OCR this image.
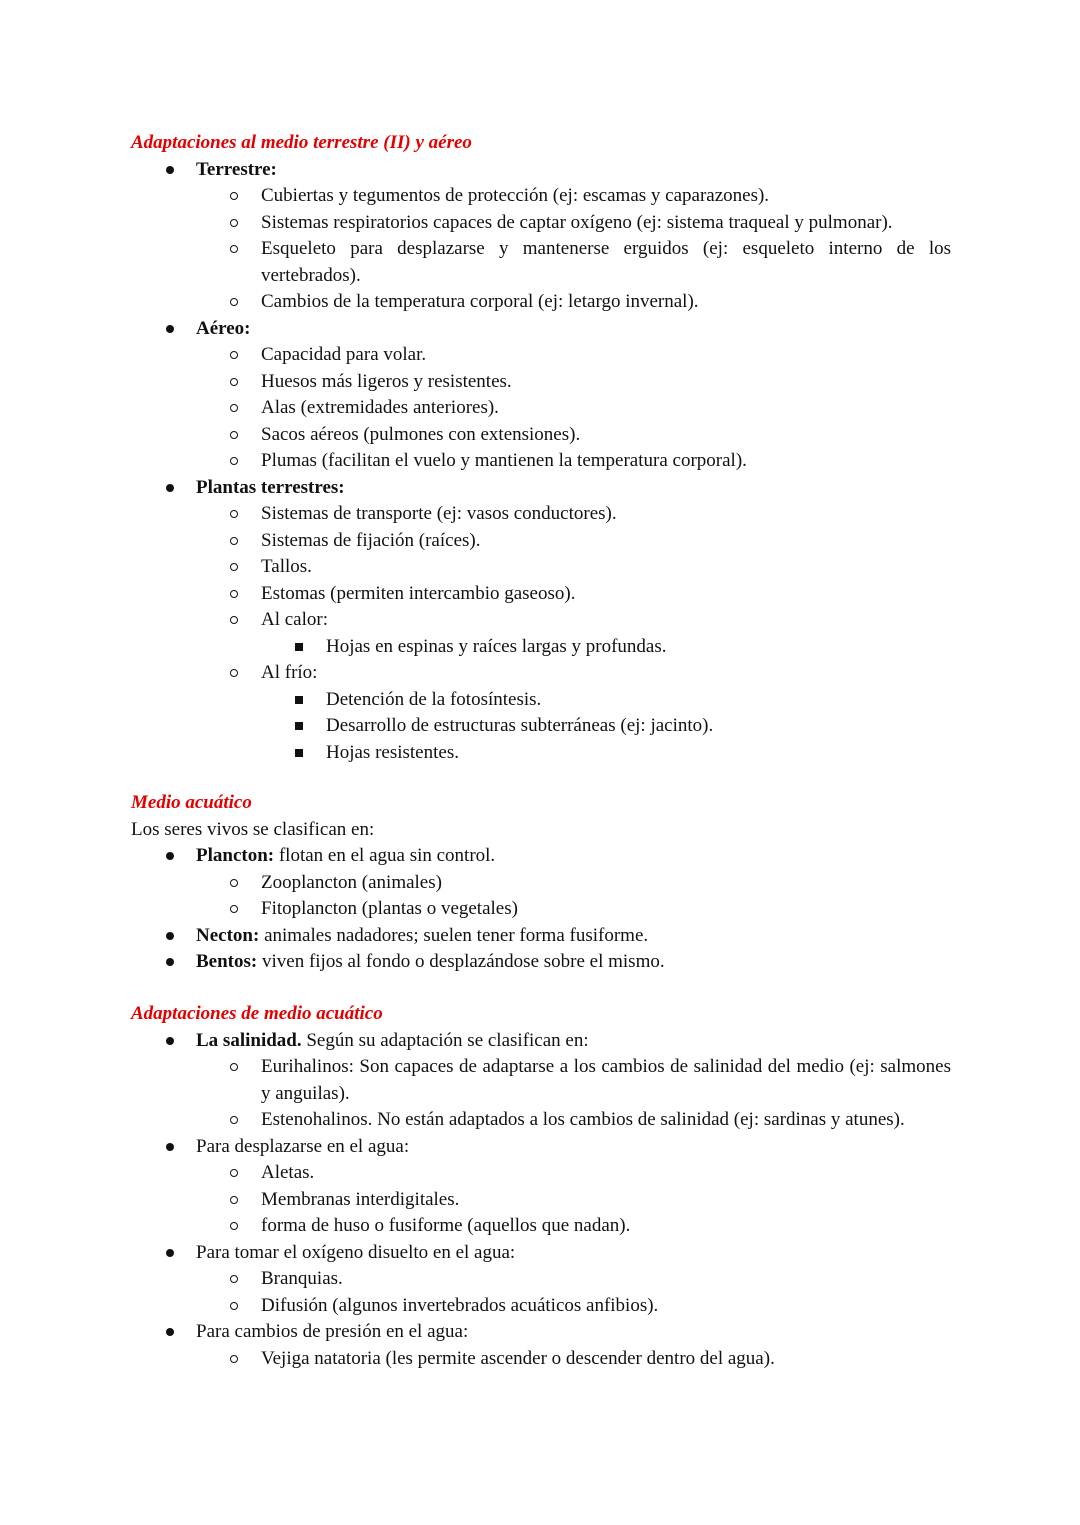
Adaptaciones al medio terrestre (II) y aéreo
Terrestre:
Cubiertas y tegumentos de protección (ej: escamas y caparazones).
Sistemas respiratorios capaces de captar oxígeno (ej: sistema traqueal y pulmonar).
Esqueleto para desplazarse y mantenerse erguidos (ej: esqueleto interno de los vertebrados).
Cambios de la temperatura corporal (ej: letargo invernal).
Aéreo:
Capacidad para volar.
Huesos más ligeros y resistentes.
Alas (extremidades anteriores).
Sacos aéreos (pulmones con extensiones).
Plumas (facilitan el vuelo y mantienen la temperatura corporal).
Plantas terrestres:
Sistemas de transporte (ej: vasos conductores).
Sistemas de fijación (raíces).
Tallos.
Estomas (permiten intercambio gaseoso).
Al calor:
Hojas en espinas y raíces largas y profundas.
Al frío:
Detención de la fotosíntesis.
Desarrollo de estructuras subterráneas (ej: jacinto).
Hojas resistentes.
Medio acuático
Los seres vivos se clasifican en:
Plancton: flotan en el agua sin control.
Zooplancton (animales)
Fitoplancton (plantas o vegetales)
Necton: animales nadadores; suelen tener forma fusiforme.
Bentos: viven fijos al fondo o desplazándose sobre el mismo.
Adaptaciones de medio acuático
La salinidad. Según su adaptación se clasifican en:
Eurihalinos: Son capaces de adaptarse a los cambios de salinidad del medio (ej: salmones y anguilas).
Estenohalinos. No están adaptados a los cambios de salinidad (ej: sardinas y atunes).
Para desplazarse en el agua:
Aletas.
Membranas interdigitales.
forma de huso o fusiforme (aquellos que nadan).
Para tomar el oxígeno disuelto en el agua:
Branquias.
Difusión (algunos invertebrados acuáticos anfibios).
Para cambios de presión en el agua:
Vejiga natatoria (les permite ascender o descender dentro del agua).
